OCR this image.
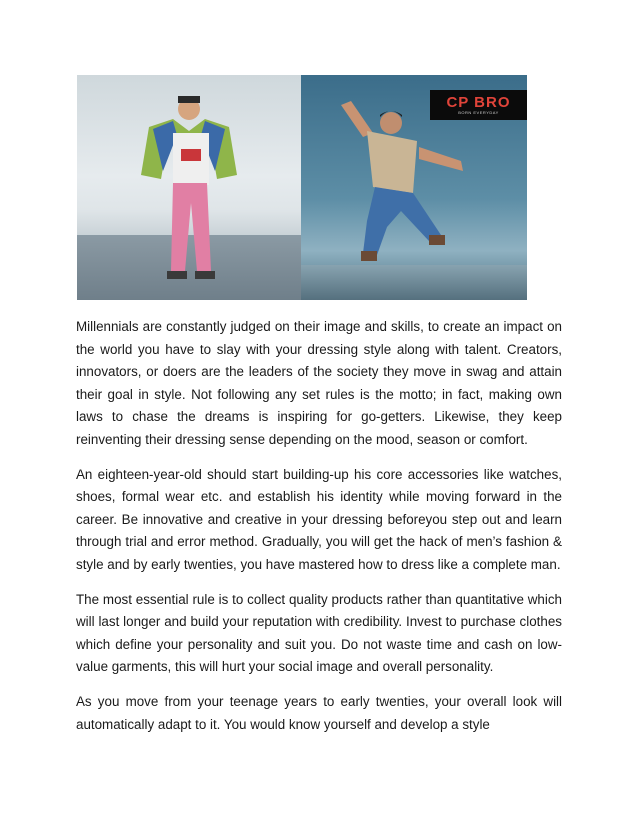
CP BRO
BORN EVERYDAY

Millennials are constantly judged on their image and skills, to create an impact on the world you have to slay with your dressing style along with talent. Creators, innovators, or doers are the leaders of the society they move in swag and attain their goal in style. Not following any set rules is the motto; in fact, making own laws to chase the dreams is inspiring for go-getters. Likewise, they keep reinventing their dressing sense depending on the mood, season or comfort.

An eighteen-year-old should start building-up his core accessories like watches, shoes, formal wear etc. and establish his identity while moving forward in the career. Be innovative and creative in your dressing beforeyou step out and learn through trial and error method. Gradually, you will get the hack of men’s fashion & style and by early twenties, you have mastered how to dress like a complete man.

The most essential rule is to collect quality products rather than quantitative which will last longer and build your reputation with credibility. Invest to purchase clothes which define your personality and suit you. Do not waste time and cash on low-value garments, this will hurt your social image and overall personality.

As you move from your teenage years to early twenties, your overall look will automatically adapt to it. You would know yourself and develop a style
